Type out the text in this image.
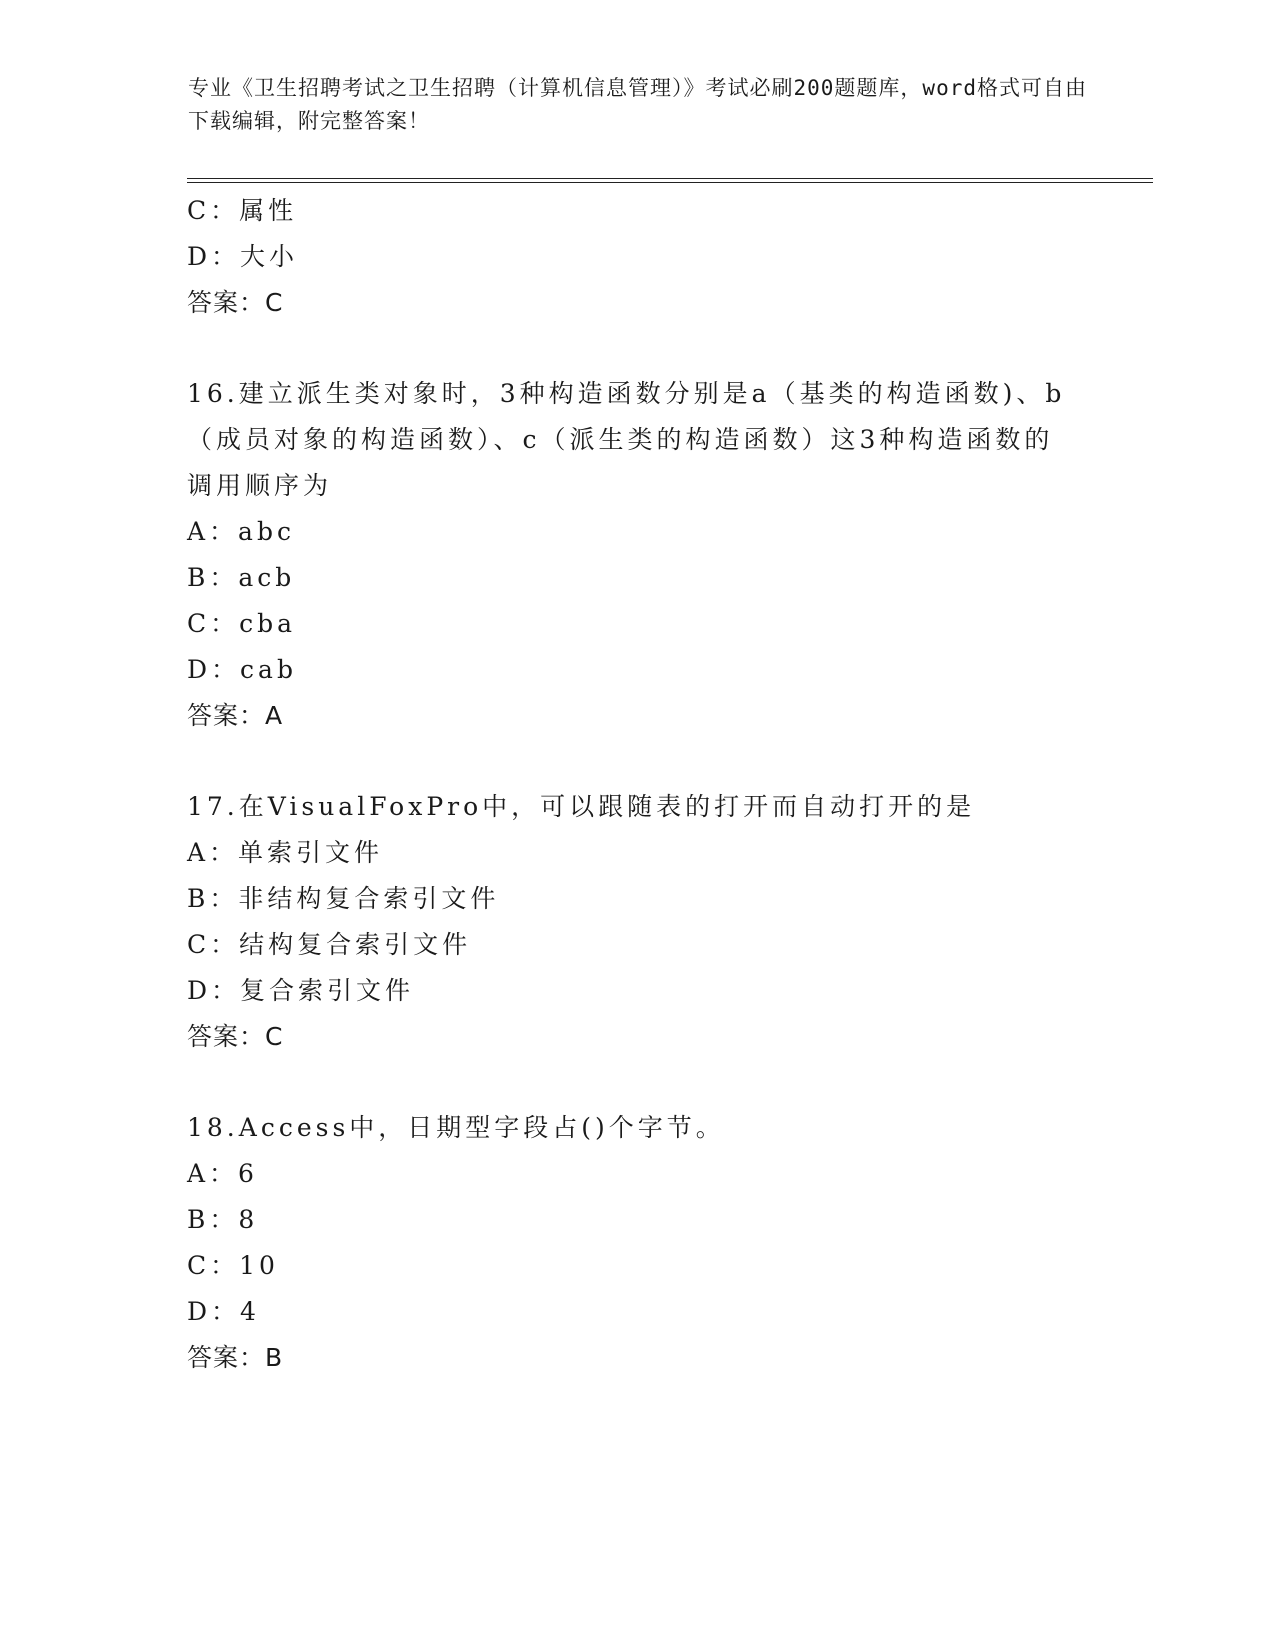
专业《卫生招聘考试之卫生招聘（计算机信息管理）》考试必刷200题题库，word格式可自由下载编辑，附完整答案！
C：属性
D：大小
答案：C
16.建立派生类对象时，3种构造函数分别是a（基类的构造函数)、b（成员对象的构造函数）、c（派生类的构造函数）这3种构造函数的调用顺序为
A：abc
B：acb
C：cba
D：cab
答案：A
17.在VisualFoxPro中，可以跟随表的打开而自动打开的是
A：单索引文件
B：非结构复合索引文件
C：结构复合索引文件
D：复合索引文件
答案：C
18.Access中，日期型字段占()个字节。
A：6
B：8
C：10
D：4
答案：B
